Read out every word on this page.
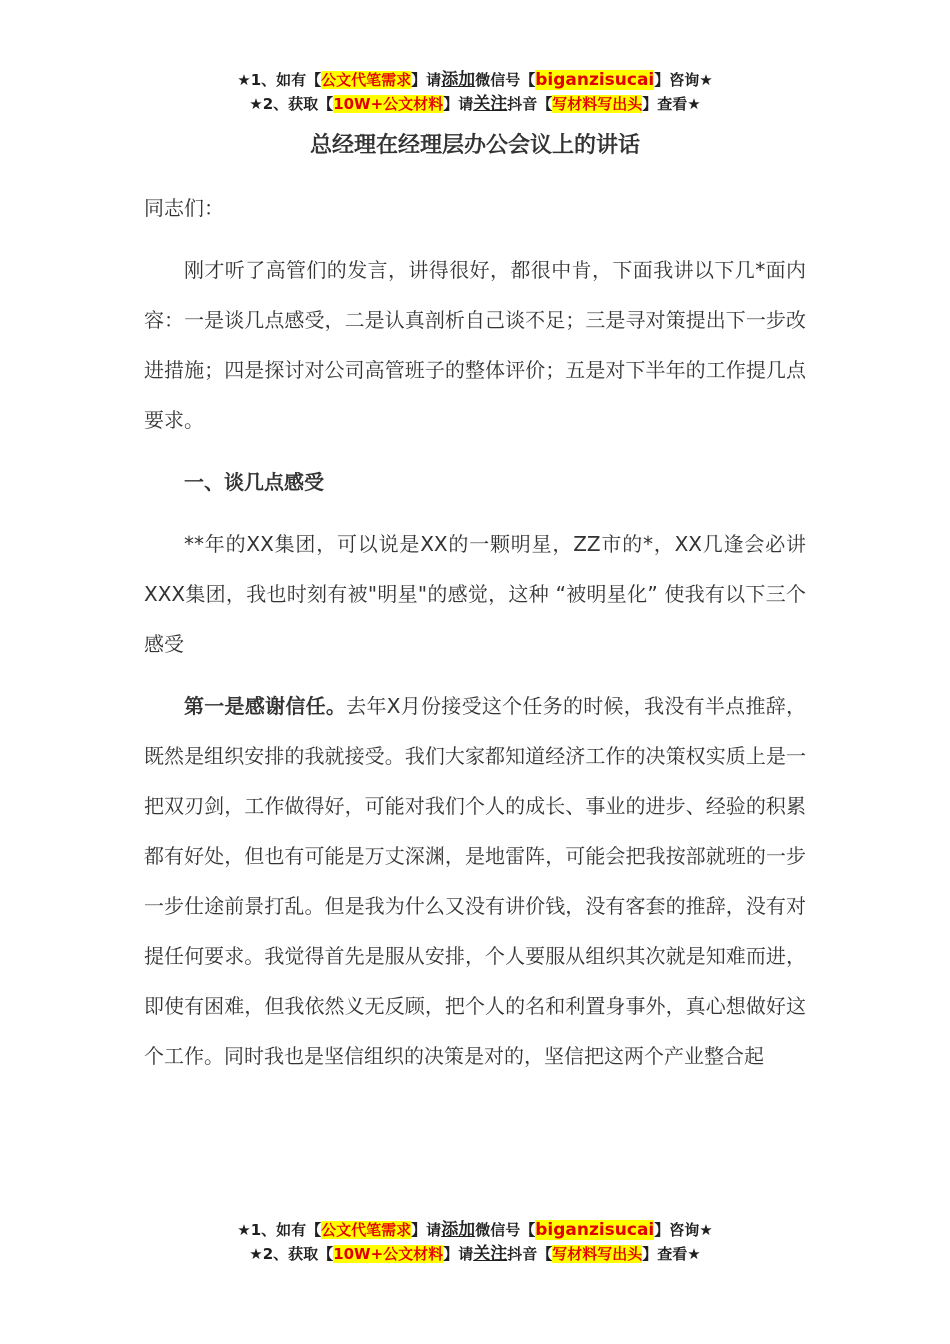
★1、如有【公文代笔需求】请添加微信号【biganzisucai】咨询★
★2、获取【10W+公文材料】请关注抖音【写材料写出头】查看★
总经理在经理层办公会议上的讲话

同志们：

刚才听了高管们的发言，讲得很好，都很中肯，下面我讲以下几*面内容：一是谈几点感受，二是认真剖析自己谈不足；三是寻对策提出下一步改进措施；四是探讨对公司高管班子的整体评价；五是对下半年的工作提几点要求。

一、谈几点感受

**年的XX集团，可以说是XX的一颗明星，ZZ市的*，XX几逢会必讲XXX集团，我也时刻有被"明星"的感觉，这种 “被明星化” 使我有以下三个感受

第一是感谢信任。去年X月份接受这个任务的时候，我没有半点推辞，既然是组织安排的我就接受。我们大家都知道经济工作的决策权实质上是一把双刃剑，工作做得好，可能对我们个人的成长、事业的进步、经验的积累都有好处，但也有可能是万丈深渊，是地雷阵，可能会把我按部就班的一步一步仕途前景打乱。但是我为什么又没有讲价钱，没有客套的推辞，没有对提任何要求。我觉得首先是服从安排，个人要服从组织其次就是知难而进，即使有困难，但我依然义无反顾，把个人的名和利置身事外，真心想做好这个工作。同时我也是坚信组织的决策是对的，坚信把这两个产业整合起

★1、如有【公文代笔需求】请添加微信号【biganzisucai】咨询★
★2、获取【10W+公文材料】请关注抖音【写材料写出头】查看★
